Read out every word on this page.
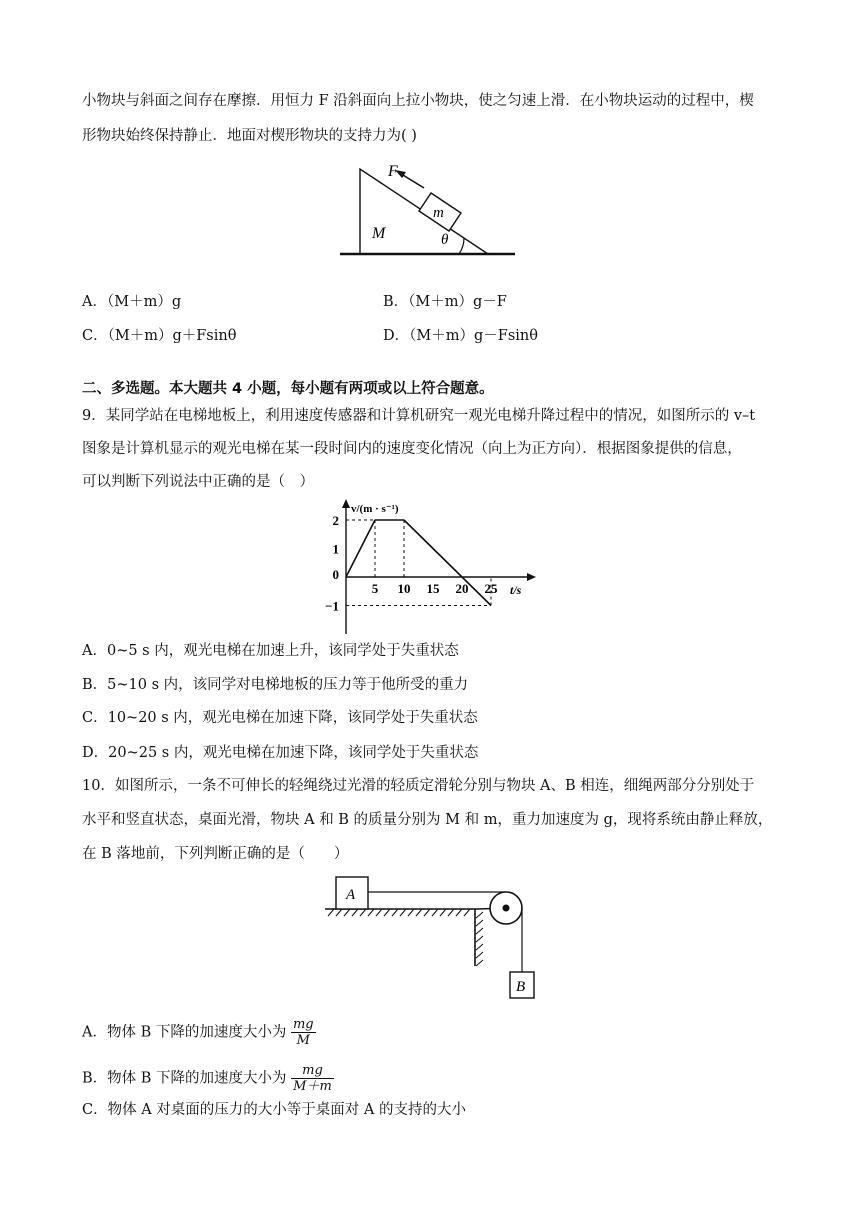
小物块与斜面之间存在摩擦．用恒力 F 沿斜面向上拉小物块，使之匀速上滑．在小物块运动的过程中，楔
形物块始终保持静止．地面对楔形物块的支持力为( )
F
m
M	θ
A．（M＋m）g	B．（M＋m）g－F
C．（M＋m）g＋Fsinθ	D．（M＋m）g－Fsinθ
二、多选题。本大题共 4 小题，每小题有两项或以上符合题意。
9．某同学站在电梯地板上，利用速度传感器和计算机研究一观光电梯升降过程中的情况，如图所示的 v–t
图象是计算机显示的观光电梯在某一段时间内的速度变化情况（向上为正方向）．根据图象提供的信息，
可以判断下列说法中正确的是（　）
v/(m · s⁻¹)
t/s
5 10 15 20 25
2
1
0
−1
A．0~5 s 内，观光电梯在加速上升，该同学处于失重状态
B．5~10 s 内，该同学对电梯地板的压力等于他所受的重力
C．10~20 s 内，观光电梯在加速下降，该同学处于失重状态
D．20~25 s 内，观光电梯在加速下降，该同学处于失重状态
10．如图所示，一条不可伸长的轻绳绕过光滑的轻质定滑轮分别与物块 A、B 相连，细绳两部分分别处于
水平和竖直状态，桌面光滑，物块 A 和 B 的质量分别为 M 和 m，重力加速度为 g，现将系统由静止释放，
在 B 落地前，下列判断正确的是（　　）
A
B
A．物体 B 下降的加速度大小为 $\frac{mg}{M}$
B．物体 B 下降的加速度大小为 $\frac{mg}{M+m}$
C．物体 A 对桌面的压力的大小等于桌面对 A 的支持的大小
